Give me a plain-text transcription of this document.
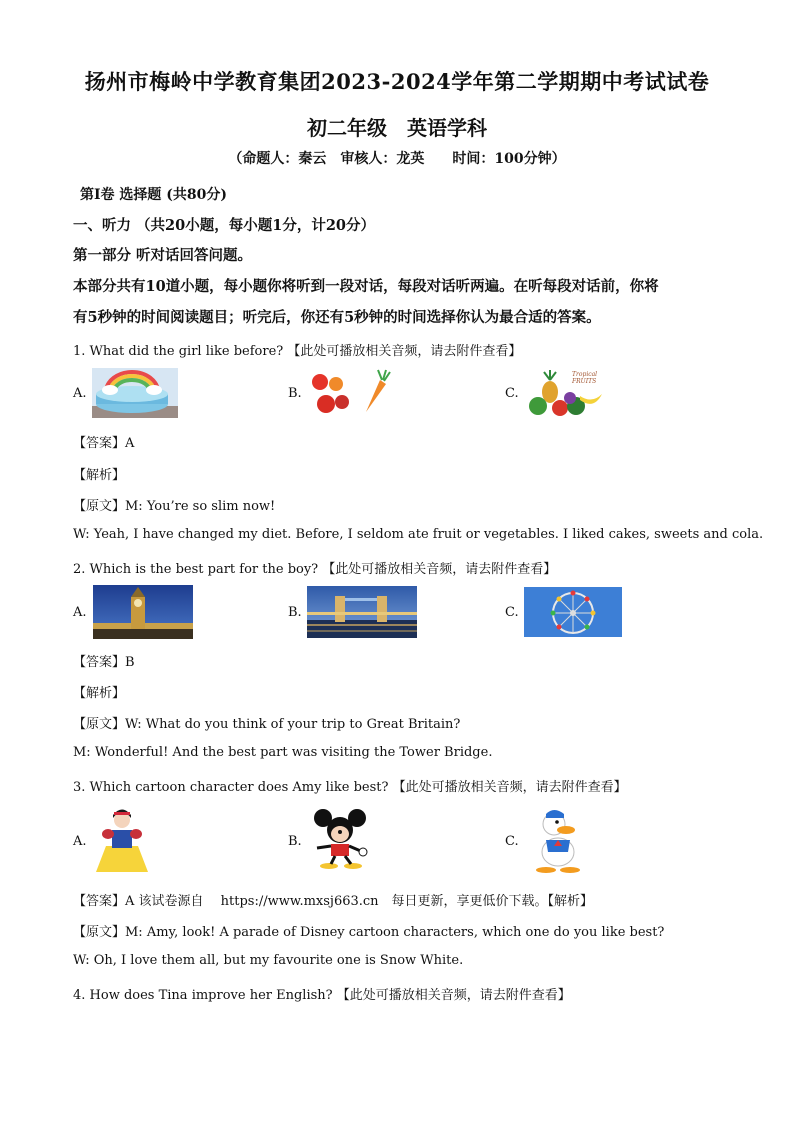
扬州市梅岭中学教育集团2023-2024学年第二学期期中考试试卷
初二年级　英语学科
（命题人：秦云　审核人：龙英　　时间：100分钟）
第I卷 选择题 (共80分)
一、听力 （共20小题，每小题1分，计20分）
第一部分 听对话回答问题。
本部分共有10道小题，每小题你将听到一段对话，每段对话听两遍。在听每段对话前，你将
有5秒钟的时间阅读题目；听完后，你还有5秒钟的时间选择你认为最合适的答案。
1. What did the girl like before? 【此处可播放相关音频，请去附件查看】
A.	B.	C.
Tropical FRUITS
【答案】A
【解析】
【原文】M: You’re so slim now!
W: Yeah, I have changed my diet. Before, I seldom ate fruit or vegetables. I liked cakes, sweets and cola.
2. Which is the best part for the boy? 【此处可播放相关音频，请去附件查看】
A.	B.	C.
【答案】B
【解析】
【原文】W: What do you think of your trip to Great Britain?
M: Wonderful! And the best part was visiting the Tower Bridge.
3. Which cartoon character does Amy like best? 【此处可播放相关音频，请去附件查看】
A.	B.	C.
【答案】A 该试卷源自　 https://www.mxsj663.cn　每日更新，享更低价下载。【解析】
【原文】M: Amy, look! A parade of Disney cartoon characters, which one do you like best?
W: Oh, I love them all, but my favourite one is Snow White.
4. How does Tina improve her English? 【此处可播放相关音频，请去附件查看】
